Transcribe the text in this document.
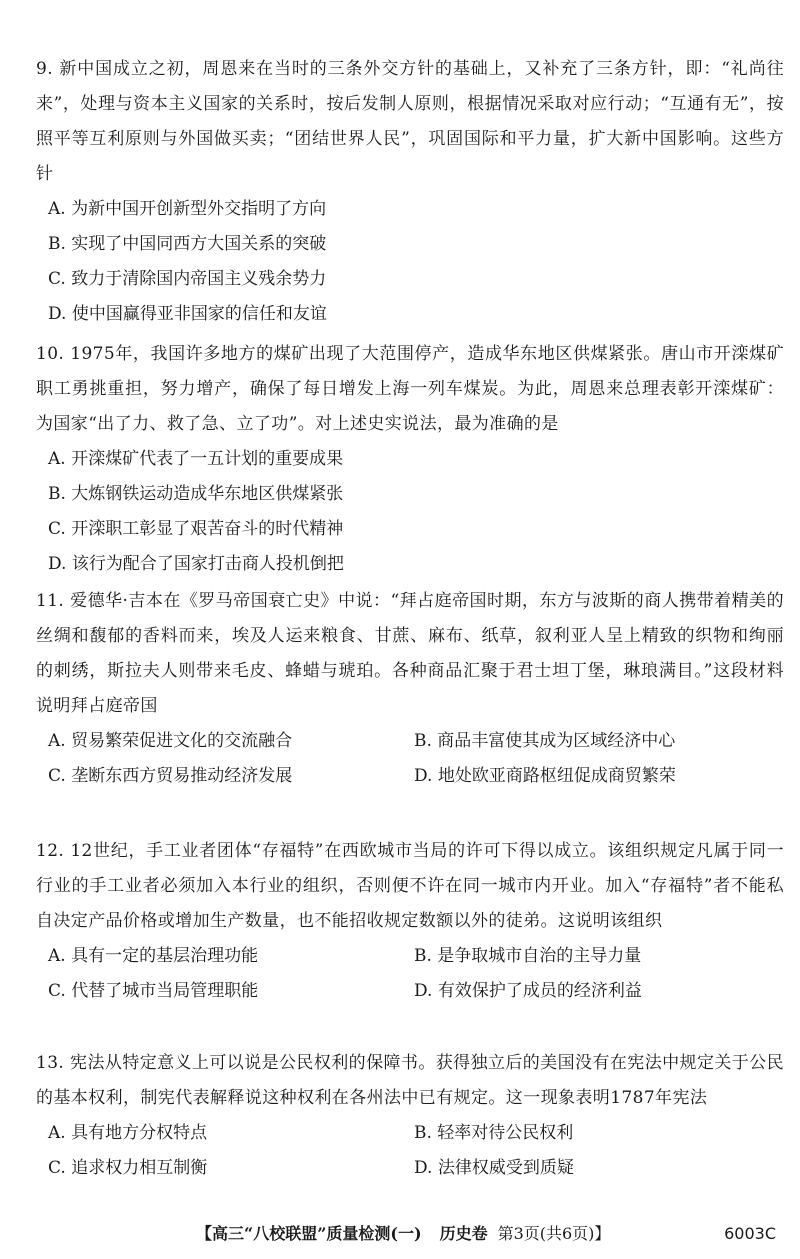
9. 新中国成立之初，周恩来在当时的三条外交方针的基础上，又补充了三条方针，即：“礼尚往来”，处理与资本主义国家的关系时，按后发制人原则，根据情况采取对应行动；“互通有无”，按照平等互利原则与外国做买卖；“团结世界人民”，巩固国际和平力量，扩大新中国影响。这些方针
A. 为新中国开创新型外交指明了方向
B. 实现了中国同西方大国关系的突破
C. 致力于清除国内帝国主义残余势力
D. 使中国赢得亚非国家的信任和友谊
10. 1975年，我国许多地方的煤矿出现了大范围停产，造成华东地区供煤紧张。唐山市开滦煤矿职工勇挑重担，努力增产，确保了每日增发上海一列车煤炭。为此，周恩来总理表彰开滦煤矿：为国家“出了力、救了急、立了功”。对上述史实说法，最为准确的是
A. 开滦煤矿代表了一五计划的重要成果
B. 大炼钢铁运动造成华东地区供煤紧张
C. 开滦职工彰显了艰苦奋斗的时代精神
D. 该行为配合了国家打击商人投机倒把
11. 爱德华·吉本在《罗马帝国衰亡史》中说：“拜占庭帝国时期，东方与波斯的商人携带着精美的丝绸和馥郁的香料而来，埃及人运来粮食、甘蔗、麻布、纸草，叙利亚人呈上精致的织物和绚丽的刺绣，斯拉夫人则带来毛皮、蜂蜡与琥珀。各种商品汇聚于君士坦丁堡，琳琅满目。”这段材料说明拜占庭帝国
A. 贸易繁荣促进文化的交流融合	B. 商品丰富使其成为区域经济中心
C. 垄断东西方贸易推动经济发展	D. 地处欧亚商路枢纽促成商贸繁荣
12. 12世纪，手工业者团体“存福特”在西欧城市当局的许可下得以成立。该组织规定凡属于同一行业的手工业者必须加入本行业的组织，否则便不许在同一城市内开业。加入“存福特”者不能私自决定产品价格或增加生产数量，也不能招收规定数额以外的徒弟。这说明该组织
A. 具有一定的基层治理功能	B. 是争取城市自治的主导力量
C. 代替了城市当局管理职能	D. 有效保护了成员的经济利益
13. 宪法从特定意义上可以说是公民权利的保障书。获得独立后的美国没有在宪法中规定关于公民的基本权利，制宪代表解释说这种权利在各州法中已有规定。这一现象表明1787年宪法
A. 具有地方分权特点	B. 轻率对待公民权利
C. 追求权力相互制衡	D. 法律权威受到质疑
【高三“八校联盟”质量检测(一) 历史卷 第3页(共6页)】	6003C
